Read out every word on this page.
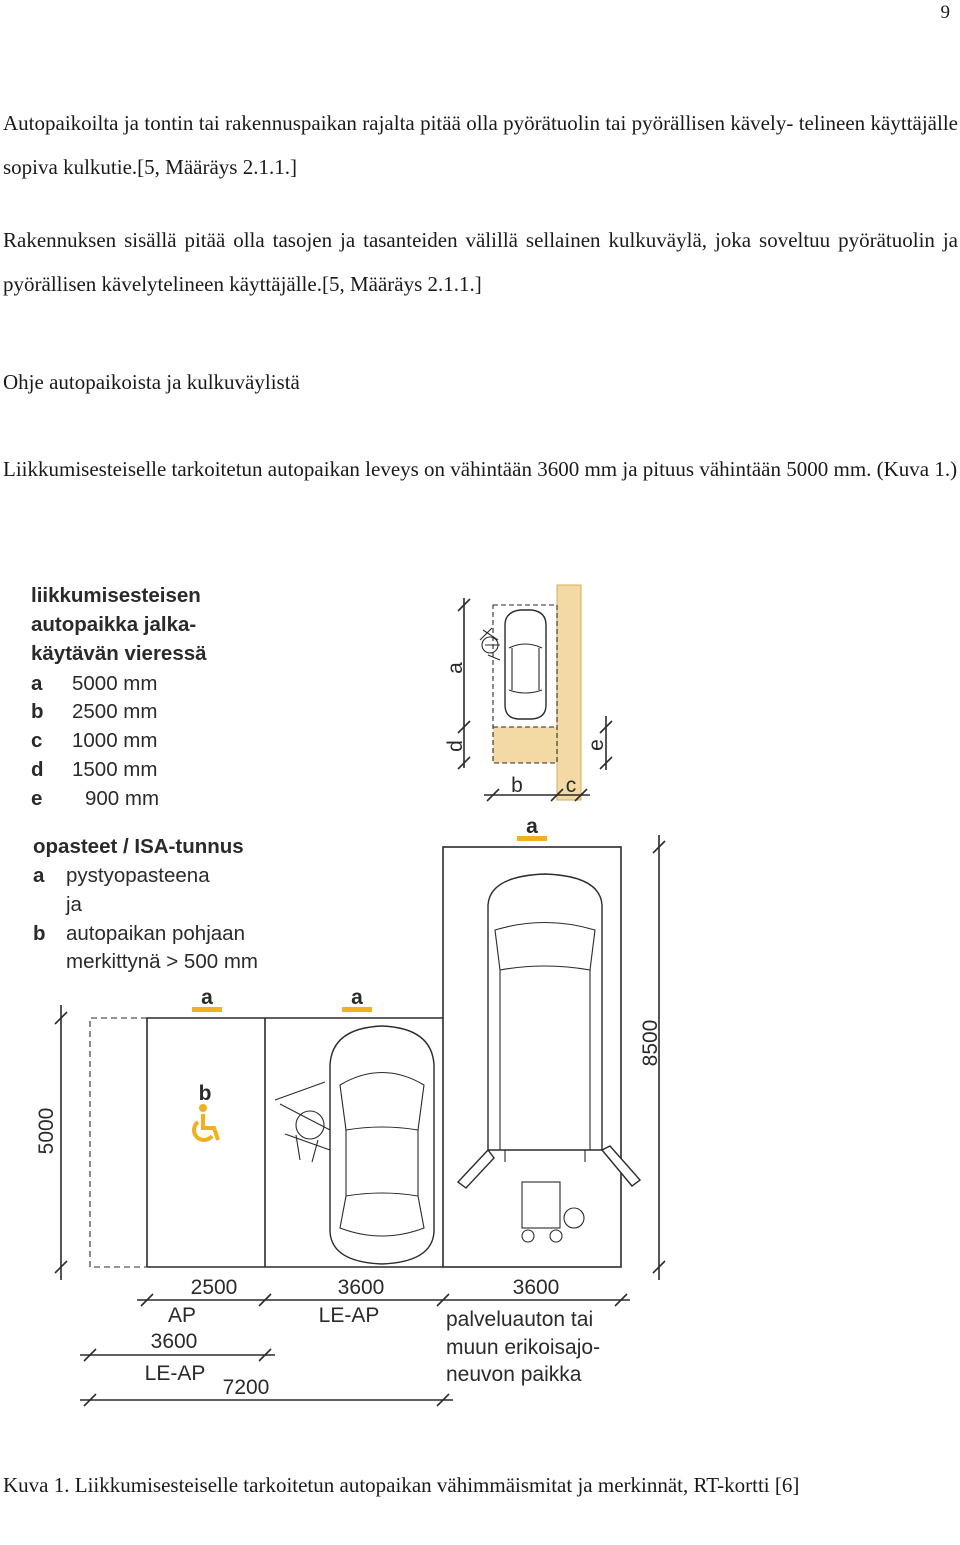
9

Autopaikoilta ja tontin tai rakennuspaikan rajalta pitää olla pyörätuolin tai pyörällisen kävely- telineen käyttäjälle sopiva kulkutie.[5, Määräys 2.1.1.]

Rakennuksen sisällä pitää olla tasojen ja tasanteiden välillä sellainen kulkuväylä, joka soveltuu pyörätuolin ja pyörällisen kävelytelineen käyttäjälle.[5, Määräys 2.1.1.]

Ohje autopaikoista ja kulkuväylistä

Liikkumisesteiselle tarkoitetun autopaikan leveys on vähintään 3600 mm ja pituus vähintään 5000 mm. (Kuva 1.)

liikkumisesteisen
autopaikka jalka-
käytävän vieressä
a 5000 mm
b 2500 mm
c 1000 mm
d 1500 mm
e 900 mm
opasteet / ISA-tunnus
a pystyopasteena
ja
b autopaikan pohjaan
merkittynä > 500 mm
a
d
b c
e
a
a	a
b
5000
8500
2500
AP
3600
LE-AP
3600
palveluauton tai
muun erikoisajo-
neuvon paikka
3600
LE-AP
7200

Kuva 1. Liikkumisesteiselle tarkoitetun autopaikan vähimmäismitat ja merkinnät, RT-kortti [6]
